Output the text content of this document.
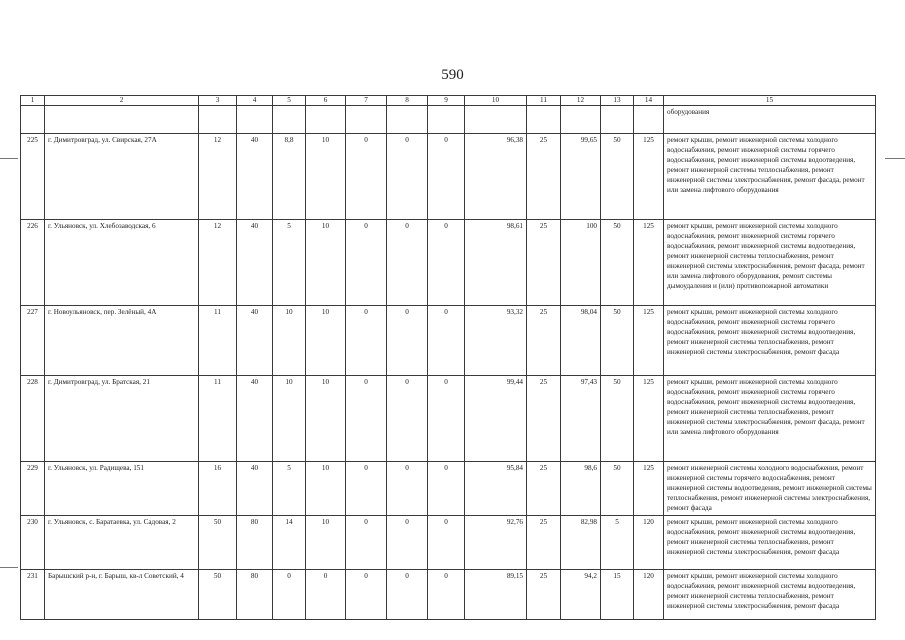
590
1	2	3	4	5	6	7	8	9	10	11	12	13	14	15
														оборудования
225	г. Димитровград, ул. Свирская, 27А	12	40	8,8	10	0	0	0	96,38	25	99,65	50	125	ремонт крыши, ремонт инженерной системы холодного водоснабжения, ремонт инженерной системы горячего водоснабжения, ремонт инженерной системы водоотведения, ремонт инженерной системы теплоснабжения, ремонт инженерной системы электроснабжения, ремонт фасада, ремонт или замена лифтового оборудования
226	г. Ульяновск, ул. Хлебозаводская, 6	12	40	5	10	0	0	0	98,61	25	100	50	125	ремонт крыши, ремонт инженерной системы холодного водоснабжения, ремонт инженерной системы горячего водоснабжения, ремонт инженерной системы водоотведения, ремонт инженерной системы теплоснабжения, ремонт инженерной системы электроснабжения, ремонт фасада, ремонт или замена лифтового оборудования, ремонт системы дымоудаления и (или) противопожарной автоматики
227	г. Новоульяновск, пер. Зелёный, 4А	11	40	10	10	0	0	0	93,32	25	98,04	50	125	ремонт крыши, ремонт инженерной системы холодного водоснабжения, ремонт инженерной системы горячего водоснабжения, ремонт инженерной системы водоотведения, ремонт инженерной системы теплоснабжения, ремонт инженерной системы электроснабжения, ремонт фасада
228	г. Димитровград, ул. Братская, 21	11	40	10	10	0	0	0	99,44	25	97,43	50	125	ремонт крыши, ремонт инженерной системы холодного водоснабжения, ремонт инженерной системы горячего водоснабжения, ремонт инженерной системы водоотведения, ремонт инженерной системы теплоснабжения, ремонт инженерной системы электроснабжения, ремонт фасада, ремонт или замена лифтового оборудования
229	г. Ульяновск, ул. Радищева, 151	16	40	5	10	0	0	0	95,84	25	98,6	50	125	ремонт инженерной системы холодного водоснабжения, ремонт инженерной системы горячего водоснабжения, ремонт инженерной системы водоотведения, ремонт инженерной системы теплоснабжения, ремонт инженерной системы электроснабжения, ремонт фасада
230	г. Ульяновск, с. Баратаевка, ул. Садовая, 2	50	80	14	10	0	0	0	92,76	25	82,98	5	120	ремонт крыши, ремонт инженерной системы холодного водоснабжения, ремонт инженерной системы водоотведения, ремонт инженерной системы теплоснабжения, ремонт инженерной системы электроснабжения, ремонт фасада
231	Барышский р-н, г. Барыш, кв-л Советский, 4	50	80	0	0	0	0	0	89,15	25	94,2	15	120	ремонт крыши, ремонт инженерной системы холодного водоснабжения, ремонт инженерной системы водоотведения, ремонт инженерной системы теплоснабжения, ремонт инженерной системы электроснабжения, ремонт фасада
